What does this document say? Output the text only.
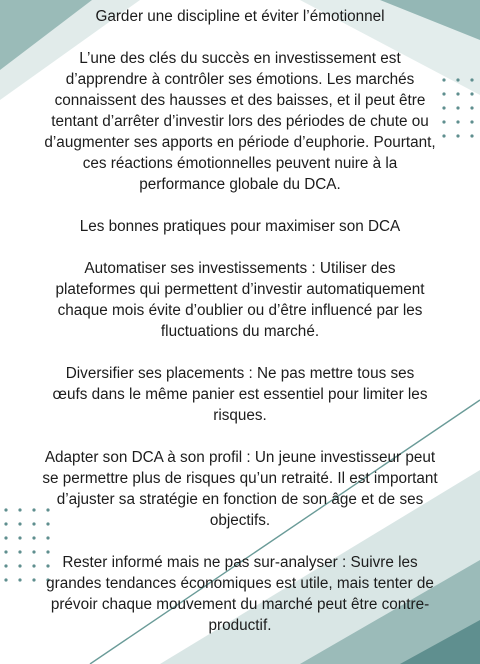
Garder une discipline et éviter l’émotionnel
L’une des clés du succès en investissement est d’apprendre à contrôler ses émotions. Les marchés connaissent des hausses et des baisses, et il peut être tentant d’arrêter d’investir lors des périodes de chute ou d’augmenter ses apports en période d’euphorie. Pourtant, ces réactions émotionnelles peuvent nuire à la performance globale du DCA.
Les bonnes pratiques pour maximiser son DCA
Automatiser ses investissements : Utiliser des plateformes qui permettent d’investir automatiquement chaque mois évite d’oublier ou d’être influencé par les fluctuations du marché.
Diversifier ses placements : Ne pas mettre tous ses œufs dans le même panier est essentiel pour limiter les risques.
Adapter son DCA à son profil : Un jeune investisseur peut se permettre plus de risques qu’un retraité. Il est important d’ajuster sa stratégie en fonction de son âge et de ses objectifs.
Rester informé mais ne pas sur-analyser : Suivre les grandes tendances économiques est utile, mais tenter de prévoir chaque mouvement du marché peut être contre-productif.
